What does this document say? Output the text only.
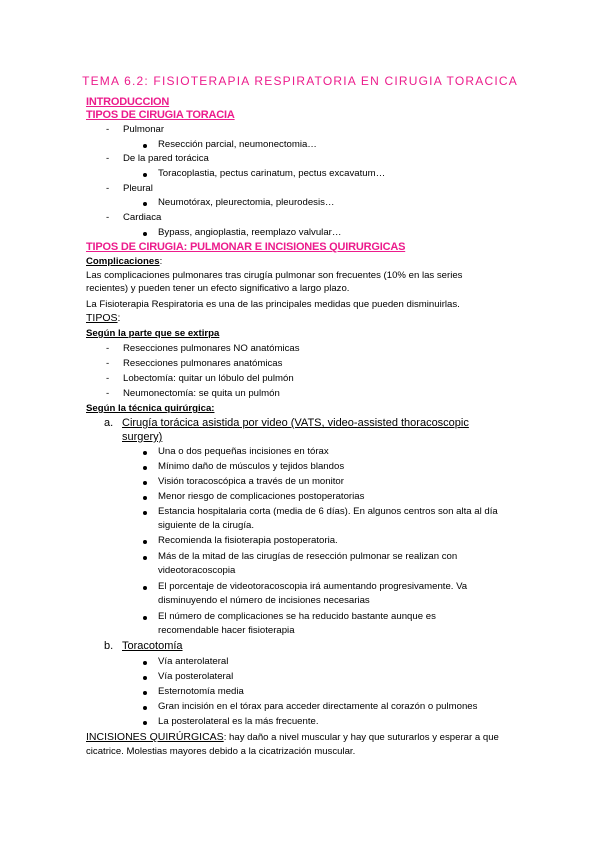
TEMA 6.2: FISIOTERAPIA RESPIRATORIA EN CIRUGIA TORACICA
INTRODUCCION
TIPOS DE CIRUGIA TORACIA
- Pulmonar
Resección parcial, neumonectomia…
- De la pared torácica
Toracoplastia, pectus carinatum, pectus excavatum…
- Pleural
Neumotórax, pleurectomia, pleurodesis…
- Cardiaca
Bypass, angioplastia, reemplazo valvular…
TIPOS DE CIRUGIA: PULMONAR E INCISIONES QUIRURGICAS
Complicaciones:
Las complicaciones pulmonares tras cirugía pulmonar son frecuentes (10% en las series
recientes) y pueden tener un efecto significativo a largo plazo.
La Fisioterapia Respiratoria es una de las principales medidas que pueden disminuirlas.
TIPOS:
Según la parte que se extirpa
- Resecciones pulmonares NO anatómicas
- Resecciones pulmonares anatómicas
- Lobectomía: quitar un lóbulo del pulmón
- Neumonectomía: se quita un pulmón
Según la técnica quirúrgica:
a. Cirugía torácica asistida por video (VATS, video-assisted thoracoscopic
surgery)
Una o dos pequeñas incisiones en tórax
Mínimo daño de músculos y tejidos blandos
Visión toracoscópica a través de un monitor
Menor riesgo de complicaciones postoperatorias
Estancia hospitalaria corta (media de 6 días). En algunos centros son alta al día
siguiente de la cirugía.
Recomienda la fisioterapia postoperatoria.
Más de la mitad de las cirugías de resección pulmonar se realizan con
videotoracoscopia
El porcentaje de videotoracoscopia irá aumentando progresivamente. Va
disminuyendo el número de incisiones necesarias
El número de complicaciones se ha reducido bastante aunque es
recomendable hacer fisioterapia
b. Toracotomía
Vía anterolateral
Vía posterolateral
Esternotomía media
Gran incisión en el tórax para acceder directamente al corazón o pulmones
La posterolateral es la más frecuente.
INCISIONES QUIRÚRGICAS: hay daño a nivel muscular y hay que suturarlos y esperar a que
cicatrice. Molestias mayores debido a la cicatrización muscular.
